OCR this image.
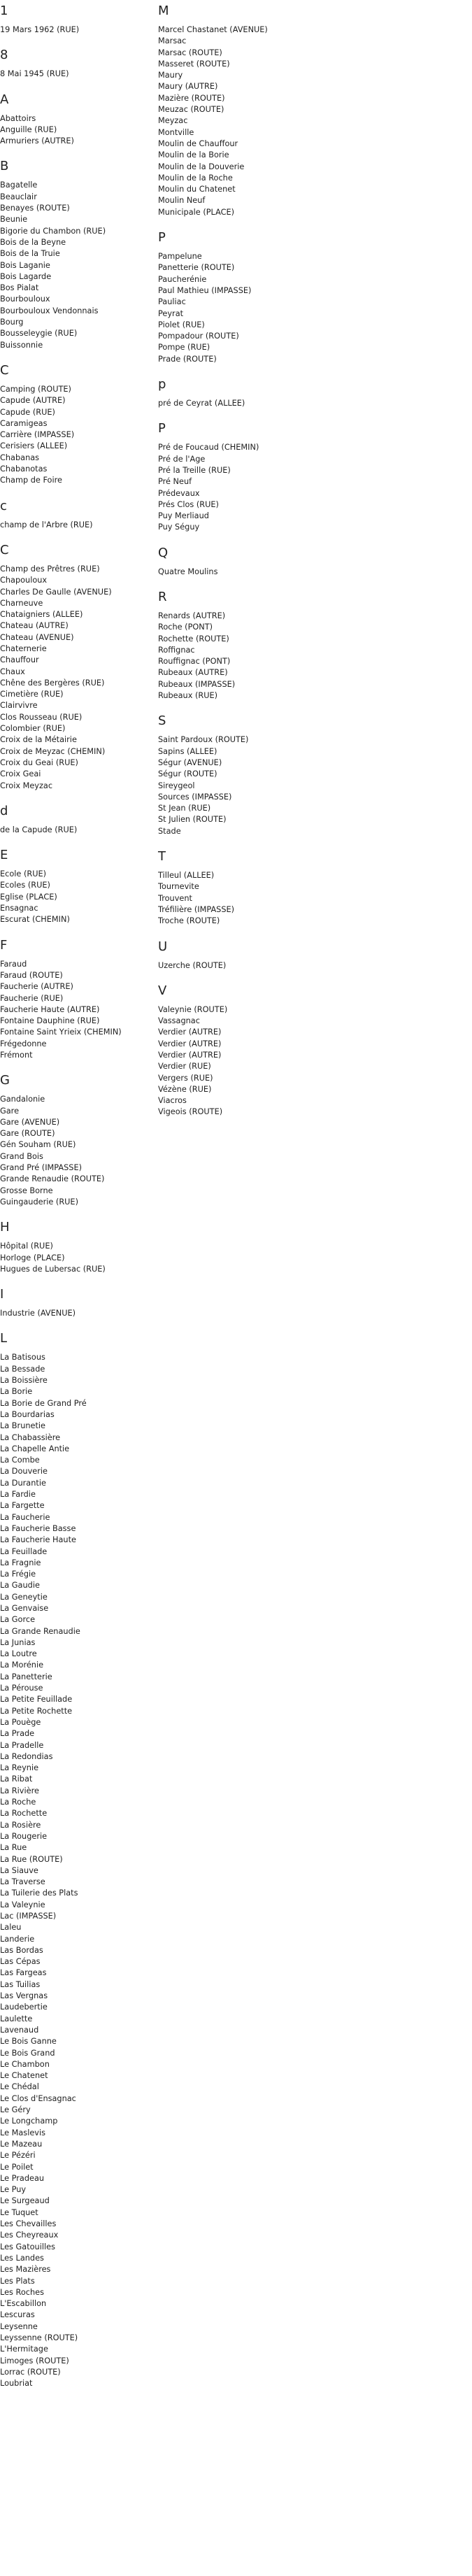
1
19 Mars 1962 (RUE)
8
8 Mai 1945 (RUE)
A
Abattoirs
Anguille (RUE)
Armuriers (AUTRE)
B
Bagatelle
Beauclair
Benayes (ROUTE)
Beunie
Bigorie du Chambon (RUE)
Bois de la Beyne
Bois de la Truie
Bois Laganie
Bois Lagarde
Bos Pialat
Bourbouloux
Bourbouloux Vendonnais
Bourg
Bousseleygie (RUE)
Buissonnie
C
Camping (ROUTE)
Capude (AUTRE)
Capude (RUE)
Caramigeas
Carrière (IMPASSE)
Cerisiers (ALLEE)
Chabanas
Chabanotas
Champ de Foire
c
champ de l'Arbre (RUE)
C
Champ des Prêtres (RUE)
Chapouloux
Charles De Gaulle (AVENUE)
Charneuve
Chataigniers (ALLEE)
Chateau (AUTRE)
Chateau (AVENUE)
Chaternerie
Chauffour
Chaux
Chêne des Bergères (RUE)
Cimetière (RUE)
Clairvivre
Clos Rousseau (RUE)
Colombier (RUE)
Croix de la Métairie
Croix de Meyzac (CHEMIN)
Croix du Geai (RUE)
Croix Geai
Croix Meyzac
d
de la Capude (RUE)
E
Ecole (RUE)
Ecoles (RUE)
Eglise (PLACE)
Ensagnac
Escurat (CHEMIN)
F
Faraud
Faraud (ROUTE)
Faucherie (AUTRE)
Faucherie (RUE)
Faucherie Haute (AUTRE)
Fontaine Dauphine (RUE)
Fontaine Saint Yrieix (CHEMIN)
Frégedonne
Frémont
G
Gandalonie
Gare
Gare (AVENUE)
Gare (ROUTE)
Gén Souham (RUE)
Grand Bois
Grand Pré (IMPASSE)
Grande Renaudie (ROUTE)
Grosse Borne
Guingauderie (RUE)
H
Hôpital (RUE)
Horloge (PLACE)
Hugues de Lubersac (RUE)
I
Industrie (AVENUE)
L
La Batisous
La Bessade
La Boissière
La Borie
La Borie de Grand Pré
La Bourdarias
La Brunetie
La Chabassière
La Chapelle Antie
La Combe
La Douverie
La Durantie
La Fardie
La Fargette
La Faucherie
La Faucherie Basse
La Faucherie Haute
La Feuillade
La Fragnie
La Frégie
La Gaudie
La Geneytie
La Genvaise
La Gorce
La Grande Renaudie
La Junias
La Loutre
La Morénie
La Panetterie
La Pérouse
La Petite Feuillade
La Petite Rochette
La Pouège
La Prade
La Pradelle
La Redondias
La Reynie
La Ribat
La Rivière
La Roche
La Rochette
La Rosière
La Rougerie
La Rue
La Rue (ROUTE)
La Siauve
La Traverse
La Tuilerie des Plats
La Valeynie
Lac (IMPASSE)
Laleu
Landerie
Las Bordas
Las Cépas
Las Fargeas
Las Tuilias
Las Vergnas
Laudebertie
Laulette
Lavenaud
Le Bois Ganne
Le Bois Grand
Le Chambon
Le Chatenet
Le Chédal
Le Clos d'Ensagnac
Le Géry
Le Longchamp
Le Maslevis
Le Mazeau
Le Pézéri
Le Poilet
Le Pradeau
Le Puy
Le Surgeaud
Le Tuquet
Les Chevailles
Les Cheyreaux
Les Gatouilles
Les Landes
Les Mazières
Les Plats
Les Roches
L'Escabillon
Lescuras
Leysenne
Leyssenne (ROUTE)
L'Hermitage
Limoges (ROUTE)
Lorrac (ROUTE)
Loubriat
M
Marcel Chastanet (AVENUE)
Marsac
Marsac (ROUTE)
Masseret (ROUTE)
Maury
Maury (AUTRE)
Mazière (ROUTE)
Meuzac (ROUTE)
Meyzac
Montville
Moulin de Chauffour
Moulin de la Borie
Moulin de la Douverie
Moulin de la Roche
Moulin du Chatenet
Moulin Neuf
Municipale (PLACE)
P
Pampelune
Panetterie (ROUTE)
Paucherénie
Paul Mathieu (IMPASSE)
Pauliac
Peyrat
Piolet (RUE)
Pompadour (ROUTE)
Pompe (RUE)
Prade (ROUTE)
p
pré de Ceyrat (ALLEE)
P
Pré de Foucaud (CHEMIN)
Pré de l'Age
Pré la Treille (RUE)
Pré Neuf
Prédevaux
Prés Clos (RUE)
Puy Merliaud
Puy Séguy
Q
Quatre Moulins
R
Renards (AUTRE)
Roche (PONT)
Rochette (ROUTE)
Roffignac
Rouffignac (PONT)
Rubeaux (AUTRE)
Rubeaux (IMPASSE)
Rubeaux (RUE)
S
Saint Pardoux (ROUTE)
Sapins (ALLEE)
Ségur (AVENUE)
Ségur (ROUTE)
Sireygeol
Sources (IMPASSE)
St Jean (RUE)
St Julien (ROUTE)
Stade
T
Tilleul (ALLEE)
Tournevite
Trouvent
Tréfilière (IMPASSE)
Troche (ROUTE)
U
Uzerche (ROUTE)
V
Valeynie (ROUTE)
Vassagnac
Verdier (AUTRE)
Verdier (AUTRE)
Verdier (AUTRE)
Verdier (RUE)
Vergers (RUE)
Vézène (RUE)
Viacros
Vigeois (ROUTE)
